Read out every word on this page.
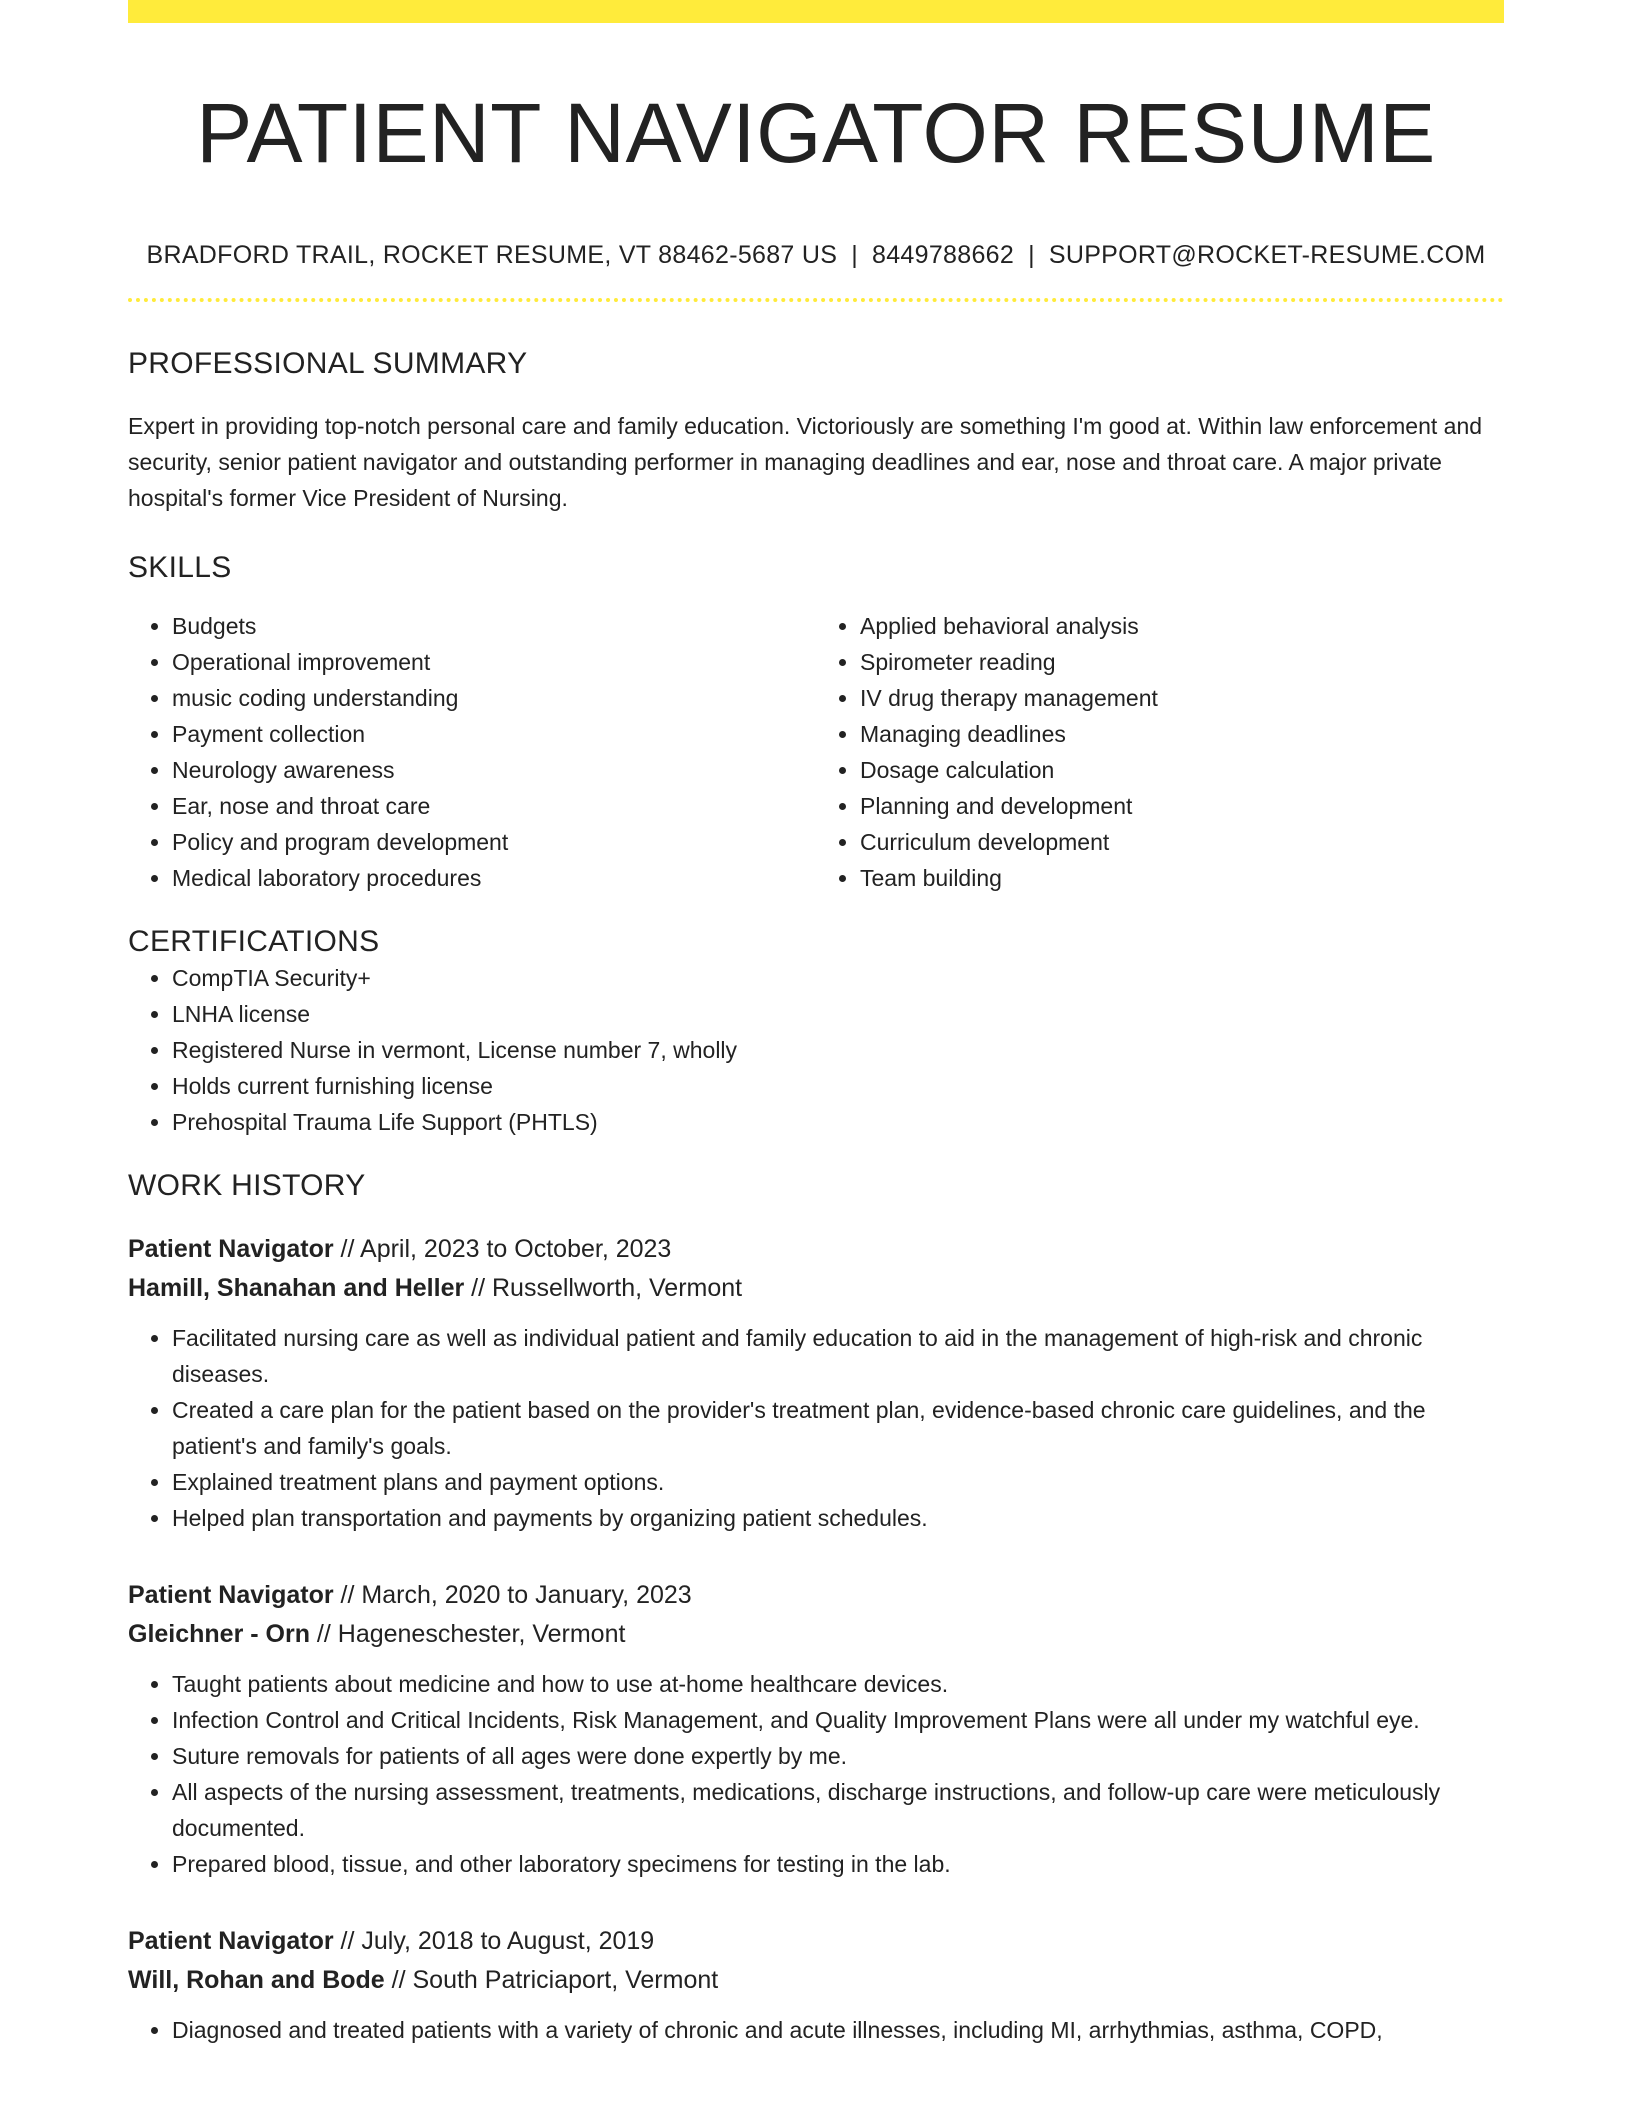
PATIENT NAVIGATOR RESUME
BRADFORD TRAIL, ROCKET RESUME, VT 88462-5687 US | 8449788662 | SUPPORT@ROCKET-RESUME.COM
PROFESSIONAL SUMMARY

Expert in providing top-notch personal care and family education. Victoriously are something I'm good at. Within law enforcement and security, senior patient navigator and outstanding performer in managing deadlines and ear, nose and throat care. A major private hospital's former Vice President of Nursing.

SKILLS
• Budgets
• Operational improvement
• music coding understanding
• Payment collection
• Neurology awareness
• Ear, nose and throat care
• Policy and program development
• Medical laboratory procedures
• Applied behavioral analysis
• Spirometer reading
• IV drug therapy management
• Managing deadlines
• Dosage calculation
• Planning and development
• Curriculum development
• Team building
CERTIFICATIONS
• CompTIA Security+
• LNHA license
• Registered Nurse in vermont, License number 7, wholly
• Holds current furnishing license
• Prehospital Trauma Life Support (PHTLS)
WORK HISTORY
Patient Navigator // April, 2023 to October, 2023
Hamill, Shanahan and Heller // Russellworth, Vermont
• Facilitated nursing care as well as individual patient and family education to aid in the management of high-risk and chronic diseases.
• Created a care plan for the patient based on the provider's treatment plan, evidence-based chronic care guidelines, and the patient's and family's goals.
• Explained treatment plans and payment options.
• Helped plan transportation and payments by organizing patient schedules.
Patient Navigator // March, 2020 to January, 2023
Gleichner - Orn // Hageneschester, Vermont
• Taught patients about medicine and how to use at-home healthcare devices.
• Infection Control and Critical Incidents, Risk Management, and Quality Improvement Plans were all under my watchful eye.
• Suture removals for patients of all ages were done expertly by me.
• All aspects of the nursing assessment, treatments, medications, discharge instructions, and follow-up care were meticulously documented.
• Prepared blood, tissue, and other laboratory specimens for testing in the lab.
Patient Navigator // July, 2018 to August, 2019
Will, Rohan and Bode // South Patriciaport, Vermont
• Diagnosed and treated patients with a variety of chronic and acute illnesses, including MI, arrhythmias, asthma, COPD,
